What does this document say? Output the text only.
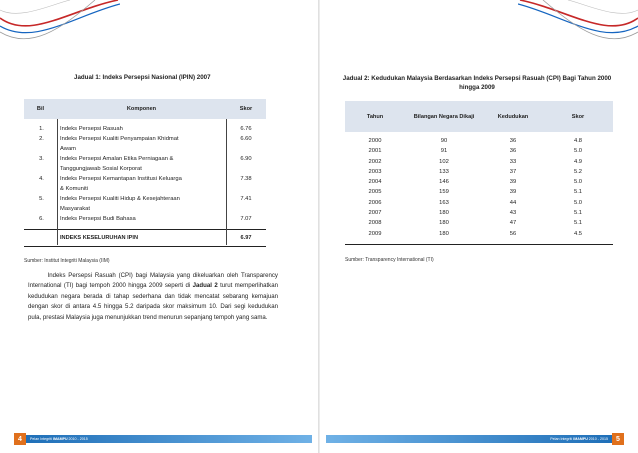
Jadual 1: Indeks Persepsi Nasional (IPIN) 2007
Bil	Komponen	Skor
1.	Indeks Persepsi Rasuah	6.76
2.	Indeks Persepsi Kualiti Penyampaian Khidmat	6.60
Awam
3.	Indeks Persepsi Amalan Etika Perniagaan &	6.90
Tanggungjawab Sosial Korporat
4.	Indeks Persepsi Kemantapan Institusi Keluarga	7.38
& Komuniti
5.	Indeks Persepsi Kualiti Hidup & Kesejahteraan	7.41
Masyarakat
6.	Indeks Persepsi Budi Bahasa	7.07
INDEKS KESELURUHAN IPIN	6.97
Sumber: Institut Integriti Malaysia (IIM)

Indeks Persepsi Rasuah (CPI) bagi Malaysia yang dikeluarkan oleh Transparency International (TI) bagi tempoh 2000 hingga 2009 seperti di Jadual 2 turut memperlihatkan kedudukan negara berada di tahap sederhana dan tidak mencatat sebarang kemajuan dengan skor di antara 4.5 hingga 5.2 daripada skor maksimum 10. Dari segi kedudukan pula, prestasi Malaysia juga menunjukkan trend menurun sepanjang tempoh yang sama.

4	Pelan Integriti IMAMPU 2010 - 2015
Jadual 2: Kedudukan Malaysia Berdasarkan Indeks Persepsi Rasuah (CPI) Bagi Tahun 2000 hingga 2009
Tahun	Bilangan Negara Dikaji	Kedudukan	Skor
2000	90	36	4.8
2001	91	36	5.0
2002	102	33	4.9
2003	133	37	5.2
2004	146	39	5.0
2005	159	39	5.1
2006	163	44	5.0
2007	180	43	5.1
2008	180	47	5.1
2009	180	56	4.5
Sumber: Transparency International (TI)
Pelan Integriti IMAMPU 2010 - 2015	5
